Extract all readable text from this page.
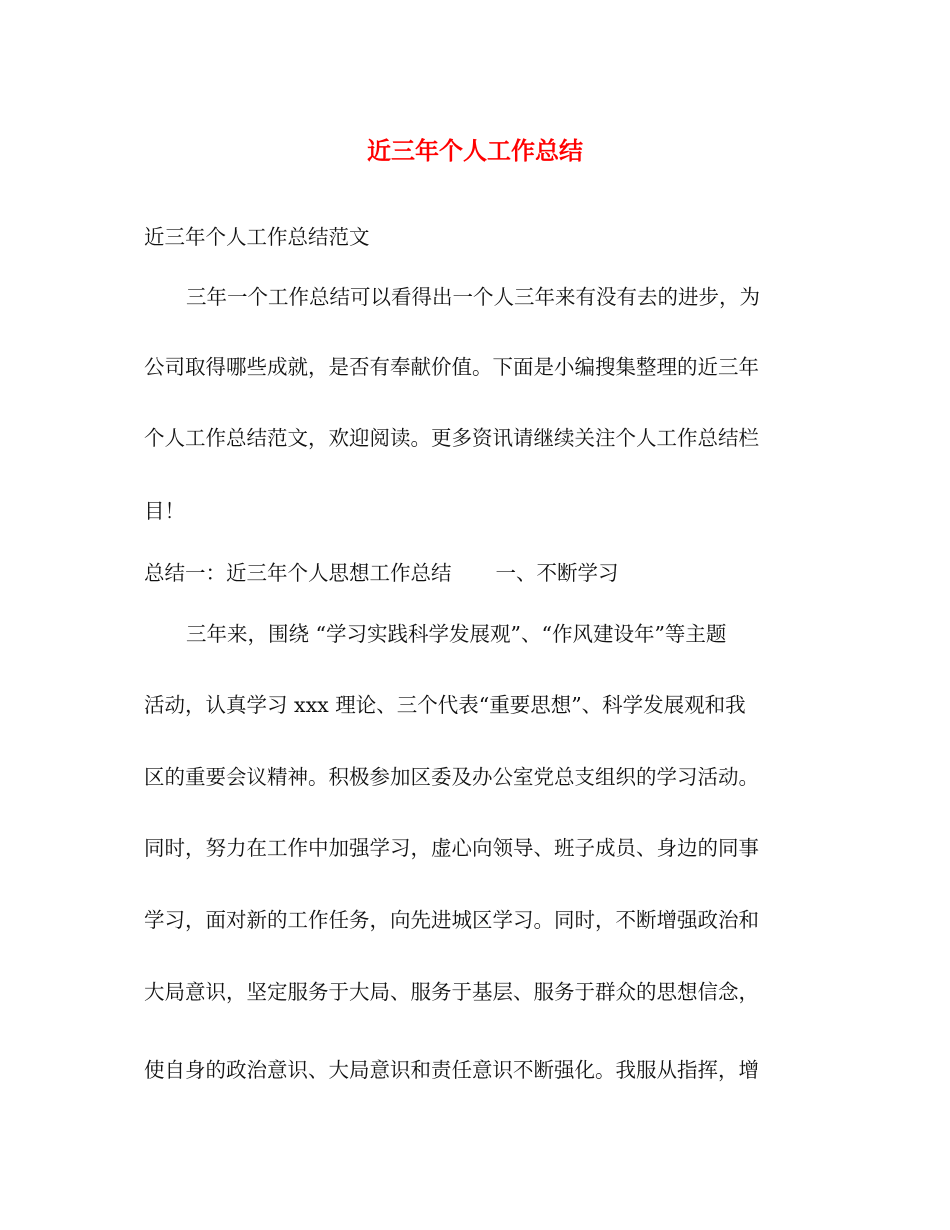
近三年个人工作总结

近三年个人工作总结范文

三年一个工作总结可以看得出一个人三年来有没有去的进步，为

公司取得哪些成就，是否有奉献价值。下面是小编搜集整理的近三年

个人工作总结范文，欢迎阅读。更多资讯请继续关注个人工作总结栏

目！

总结一：近三年个人思想工作总结 一、不断学习

三年来，围绕 “学习实践科学发展观”、“作风建设年”等主题

活动，认真学习 xxx 理论、三个代表“重要思想”、科学发展观和我

区的重要会议精神。积极参加区委及办公室党总支组织的学习活动。

同时，努力在工作中加强学习，虚心向领导、班子成员、身边的同事

学习，面对新的工作任务，向先进城区学习。同时，不断增强政治和

大局意识，坚定服务于大局、服务于基层、服务于群众的思想信念，

使自身的政治意识、大局意识和责任意识不断强化。我服从指挥，增
